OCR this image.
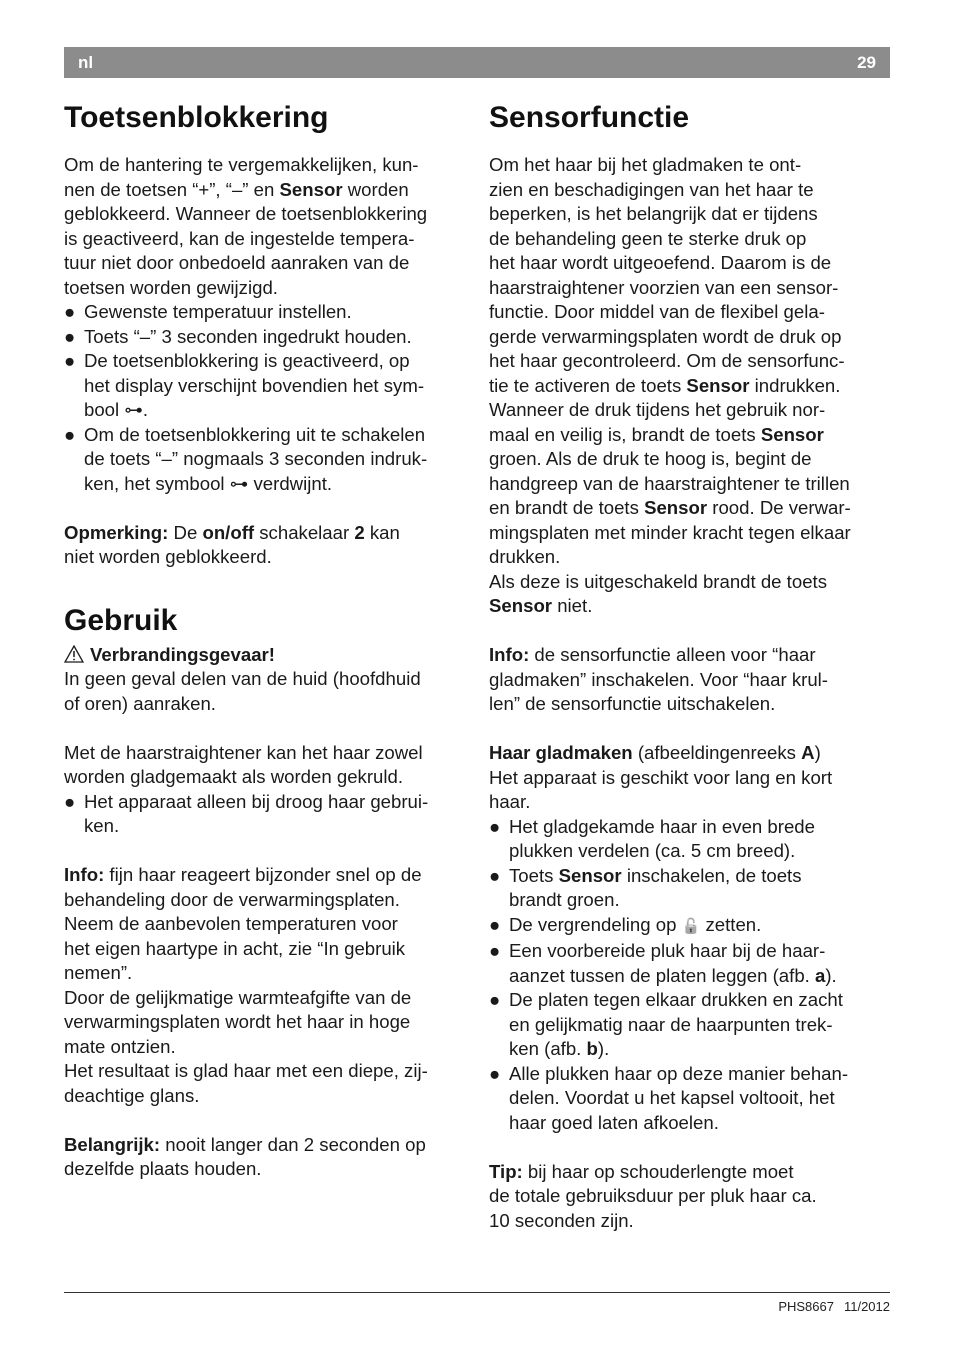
nl	29
Toetsenblokkering

Om de hantering te vergemakkelijken, kun-

nen de toetsen “+”, “–” en Sensor worden

geblokkeerd. Wanneer de toetsenblokkering

is geactiveerd, kan de ingestelde tempera-

tuur niet door onbedoeld aanraken van de

toetsen worden gewijzigd.

● Gewenste temperatuur instellen.
● Toets “–” 3 seconden ingedrukt houden.
● De toetsenblokkering is geactiveerd, op
het display verschijnt bovendien het sym-
bool ⊶.
● Om de toetsenblokkering uit te schakelen
de toets “–” nogmaals 3 seconden indruk-
ken, het symbool ⊶ verdwijnt.

Opmerking: De on/off schakelaar 2 kan

niet worden geblokkeerd.

Gebruik

Verbrandingsgevaar!

In geen geval delen van de huid (hoofdhuid

of oren) aanraken.

Met de haarstraightener kan het haar zowel

worden gladgemaakt als worden gekruld.

● Het apparaat alleen bij droog haar gebrui-
ken.

Info: fijn haar reageert bijzonder snel op de

behandeling door de verwarmingsplaten.

Neem de aanbevolen temperaturen voor

het eigen haartype in acht, zie “In gebruik

nemen”.

Door de gelijkmatige warmteafgifte van de

verwarmingsplaten wordt het haar in hoge

mate ontzien.

Het resultaat is glad haar met een diepe, zij-

deachtige glans.

Belangrijk: nooit langer dan 2 seconden op

dezelfde plaats houden.

Sensorfunctie

Om het haar bij het gladmaken te ont-

zien en beschadigingen van het haar te

beperken, is het belangrijk dat er tijdens

de behandeling geen te sterke druk op

het haar wordt uitgeoefend. Daarom is de

haarstraightener voorzien van een sensor-

functie. Door middel van de flexibel gela-

gerde verwarmingsplaten wordt de druk op

het haar gecontroleerd. Om de sensorfunc-

tie te activeren de toets Sensor indrukken.

Wanneer de druk tijdens het gebruik nor-

maal en veilig is, brandt de toets Sensor

groen. Als de druk te hoog is, begint de

handgreep van de haarstraightener te trillen

en brandt de toets Sensor rood. De verwar-

mingsplaten met minder kracht tegen elkaar

drukken.

Als deze is uitgeschakeld brandt de toets

Sensor niet.

Info: de sensorfunctie alleen voor “haar

gladmaken” inschakelen. Voor “haar krul-

len” de sensorfunctie uitschakelen.

Haar gladmaken (afbeeldingenreeks A)

Het apparaat is geschikt voor lang en kort

haar.

● Het gladgekamde haar in even brede
plukken verdelen (ca. 5 cm breed).
● Toets Sensor inschakelen, de toets
brandt groen.
● De vergrendeling op 🔓 zetten.
● Een voorbereide pluk haar bij de haar-
aanzet tussen de platen leggen (afb. a).
● De platen tegen elkaar drukken en zacht
en gelijkmatig naar de haarpunten trek-
ken (afb. b).
● Alle plukken haar op deze manier behan-
delen. Voordat u het kapsel voltooit, het
haar goed laten afkoelen.

Tip: bij haar op schouderlengte moet

de totale gebruiksduur per pluk haar ca.

10 seconden zijn.

PHS8667 11/2012
